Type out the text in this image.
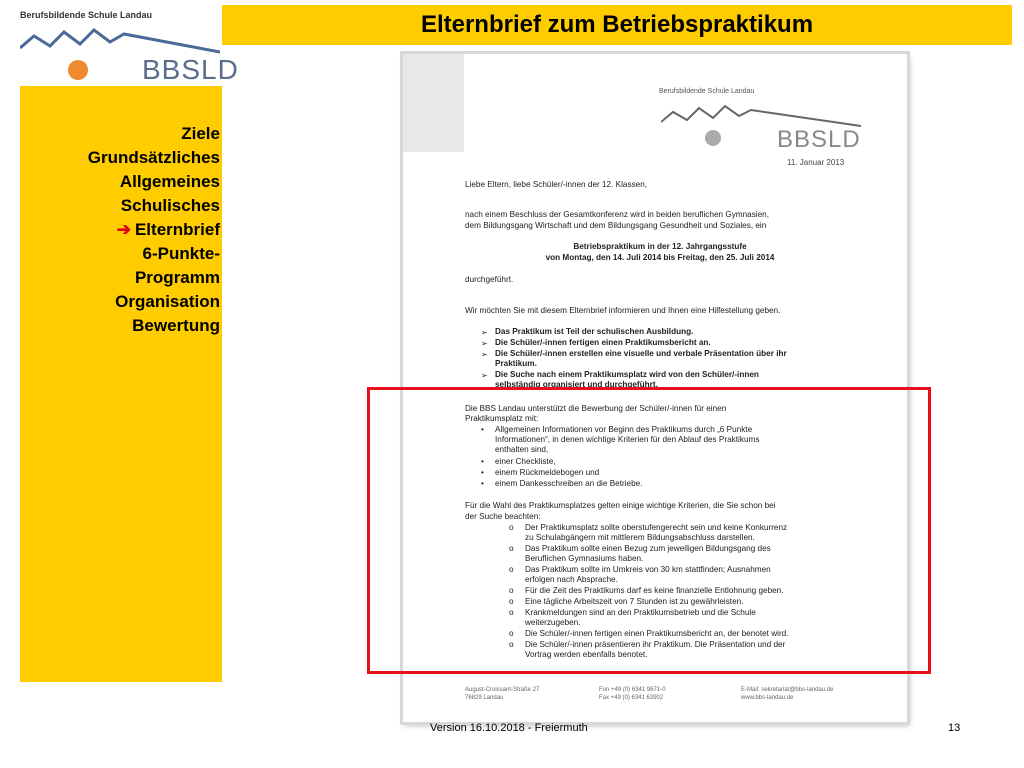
Berufsbildende Schule Landau
BBSLD
Elternbrief zum Betriebspraktikum
Ziele
Grundsätzliches
Allgemeines
Schulisches
➔ Elternbrief
6-Punkte-
Programm
Organisation
Bewertung
Berufsbildende Schule Landau
BBSLD
11. Januar 2013
Liebe Eltern, liebe Schüler/-innen der 12. Klassen,
nach einem Beschluss der Gesamtkonferenz wird in beiden beruflichen Gymnasien,
dem Bildungsgang Wirtschaft und dem Bildungsgang Gesundheit und Soziales, ein
Betriebspraktikum in der 12. Jahrgangsstufe
von Montag, den 14. Juli 2014 bis Freitag, den 25. Juli 2014
durchgeführt.
Wir möchten Sie mit diesem Elternbrief informieren und Ihnen eine Hilfestellung geben.
➢ Das Praktikum ist Teil der schulischen Ausbildung.
➢ Die Schüler/-innen fertigen einen Praktikumsbericht an.
➢ Die Schüler/-innen erstellen eine visuelle und verbale Präsentation über ihr
Praktikum.
➢ Die Suche nach einem Praktikumsplatz wird von den Schüler/-innen
selbständig organisiert und durchgeführt.
Die BBS Landau unterstützt die Bewerbung der Schüler/-innen für einen
Praktikumsplatz mit:
• Allgemeinen Informationen vor Beginn des Praktikums durch „6 Punkte
Informationen“, in denen wichtige Kriterien für den Ablauf des Praktikums
enthalten sind,
• einer Checkliste,
• einem Rückmeldebogen und
• einem Dankesschreiben an die Betriebe.
Für die Wahl des Praktikumsplatzes gelten einige wichtige Kriterien, die Sie schon bei
der Suche beachten:
o Der Praktikumsplatz sollte oberstufengerecht sein und keine Konkurrenz
zu Schulabgängern mit mittlerem Bildungsabschluss darstellen.
o Das Praktikum sollte einen Bezug zum jeweiligen Bildungsgang des
Beruflichen Gymnasiums haben.
o Das Praktikum sollte im Umkreis von 30 km stattfinden; Ausnahmen
erfolgen nach Absprache.
o Für die Zeit des Praktikums darf es keine finanzielle Entlohnung geben.
o Eine tägliche Arbeitszeit von 7 Stunden ist zu gewährleisten.
o Krankmeldungen sind an den Praktikumsbetrieb und die Schule
weiterzugeben.
o Die Schüler/-innen fertigen einen Praktikumsbericht an, der benotet wird.
o Die Schüler/-innen präsentieren ihr Praktikum. Die Präsentation und der
Vortrag werden ebenfalls benotet.
August-Croissant-Straße 27
76829 Landau
Fon +49 (0) 6341 9671-0
Fax +49 (0) 6341 63902
E-Mail: sekretariat@bbs-landau.de
www.bbs-landau.de
Version 16.10.2018 - Freiermuth	13
